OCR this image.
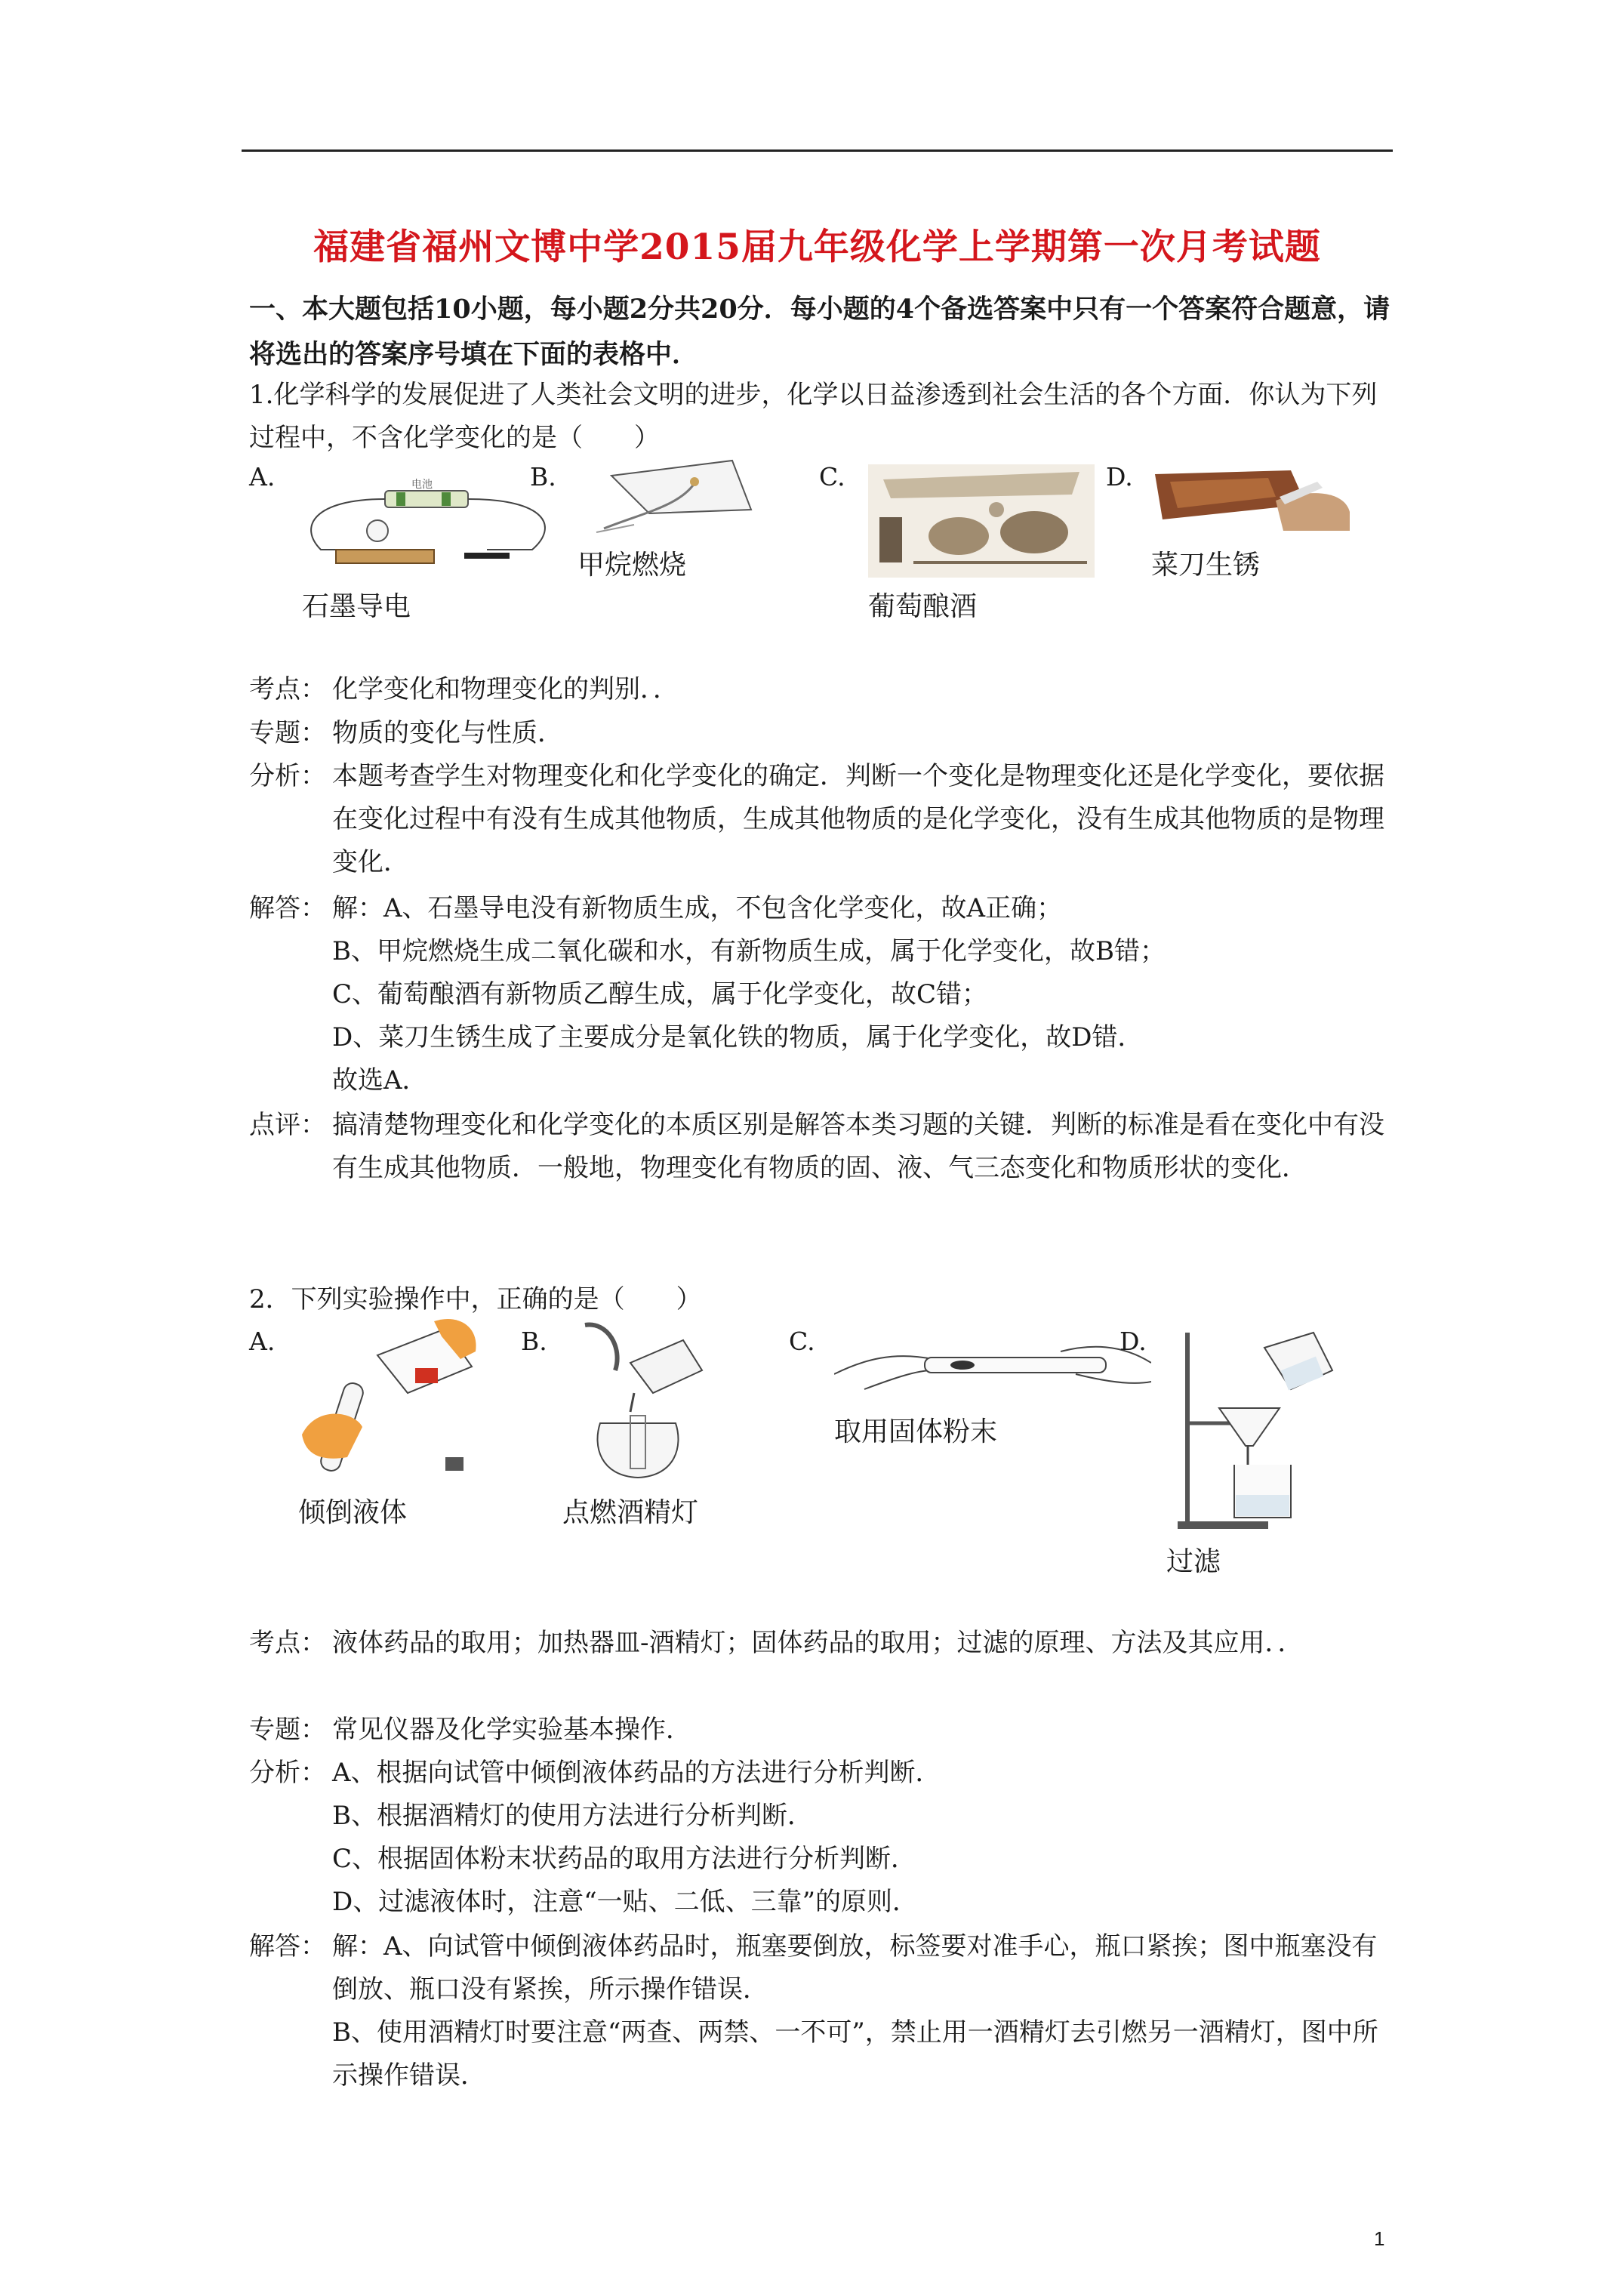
福建省福州文博中学2015届九年级化学上学期第一次月考试题
一、本大题包括10小题，每小题2分共20分．每小题的4个备选答案中只有一个答案符合题意，请将选出的答案序号填在下面的表格中．
1.化学科学的发展促进了人类社会文明的进步，化学以日益渗透到社会生活的各个方面．你认为下列过程中，不含化学变化的是（　　）
A.	电池
石墨导电
B.
甲烷燃烧
C.
葡萄酿酒
D.
菜刀生锈
考点： 化学变化和物理变化的判别．．
专题： 物质的变化与性质．
分析： 本题考查学生对物理变化和化学变化的确定．判断一个变化是物理变化还是化学变化，要依据在变化过程中有没有生成其他物质，生成其他物质的是化学变化，没有生成其他物质的是物理变化．
解答： 解：A、石墨导电没有新物质生成，不包含化学变化，故A正确；
B、甲烷燃烧生成二氧化碳和水，有新物质生成，属于化学变化，故B错；
C、葡萄酿酒有新物质乙醇生成，属于化学变化，故C错；
D、菜刀生锈生成了主要成分是氧化铁的物质，属于化学变化，故D错．
故选A．
点评： 搞清楚物理变化和化学变化的本质区别是解答本类习题的关键．判断的标准是看在变化中有没有生成其他物质．一般地，物理变化有物质的固、液、气三态变化和物质形状的变化．
2．下列实验操作中，正确的是（　　）
A.
倾倒液体
B.
点燃酒精灯
C.
取用固体粉末
D.
过滤
考点： 液体药品的取用；加热器皿-酒精灯；固体药品的取用；过滤的原理、方法及其应用．．
专题： 常见仪器及化学实验基本操作．
分析： A、根据向试管中倾倒液体药品的方法进行分析判断．
B、根据酒精灯的使用方法进行分析判断．
C、根据固体粉末状药品的取用方法进行分析判断．
D、过滤液体时，注意“一贴、二低、三靠”的原则．
解答： 解：A、向试管中倾倒液体药品时，瓶塞要倒放，标签要对准手心，瓶口紧挨；图中瓶塞没有倒放、瓶口没有紧挨，所示操作错误．
B、使用酒精灯时要注意“两查、两禁、一不可”，禁止用一酒精灯去引燃另一酒精灯，图中所示操作错误．
1
